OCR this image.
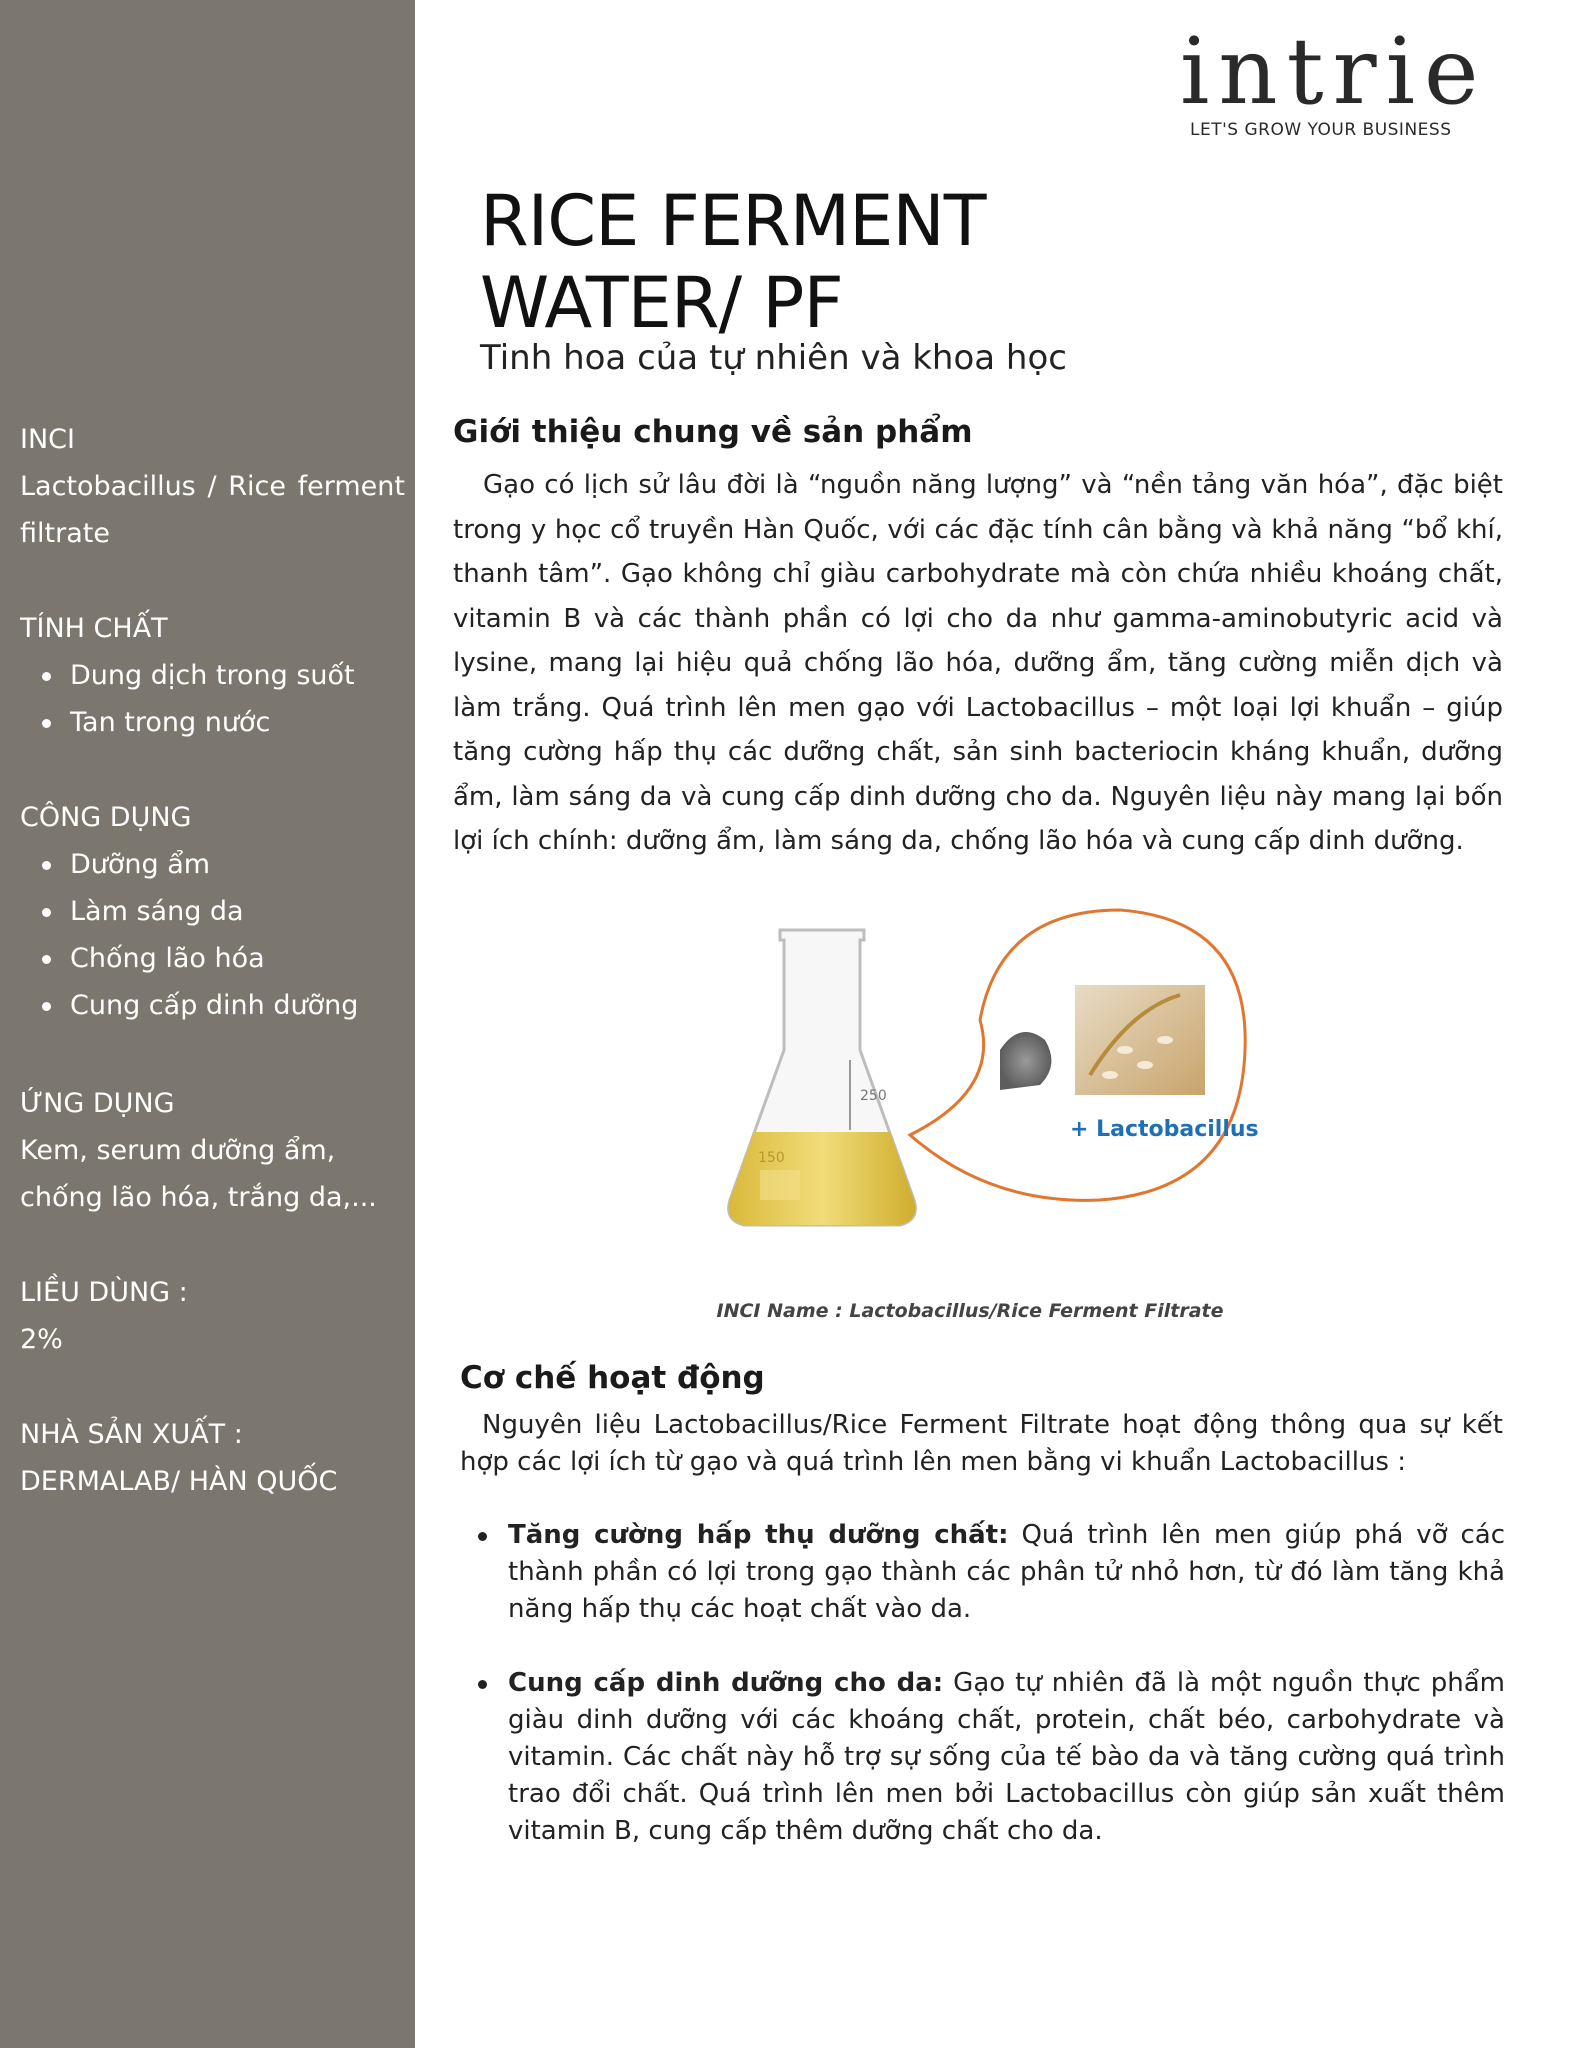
INCI
Lactobacillus / Rice ferment filtrate
TÍNH CHẤT
Dung dịch trong suốt
Tan trong nước
CÔNG DỤNG
Dưỡng ẩm
Làm sáng da
Chống lão hóa
Cung cấp dinh dưỡng
ỨNG DỤNG
Kem, serum dưỡng ẩm, chống lão hóa, trắng da,...
LIỀU DÙNG :
2%
NHÀ SẢN XUẤT :
DERMALAB/ HÀN QUỐC
intrie
LET'S GROW YOUR BUSINESS
RICE FERMENT
WATER/ PF
Tinh hoa của tự nhiên và khoa học
Giới thiệu chung về sản phẩm
Gạo có lịch sử lâu đời là “nguồn năng lượng” và “nền tảng văn hóa”, đặc biệt trong y học cổ truyền Hàn Quốc, với các đặc tính cân bằng và khả năng “bổ khí, thanh tâm”. Gạo không chỉ giàu carbohydrate mà còn chứa nhiều khoáng chất, vitamin B và các thành phần có lợi cho da như gamma-aminobutyric acid và lysine, mang lại hiệu quả chống lão hóa, dưỡng ẩm, tăng cường miễn dịch và làm trắng. Quá trình lên men gạo với Lactobacillus – một loại lợi khuẩn – giúp tăng cường hấp thụ các dưỡng chất, sản sinh bacteriocin kháng khuẩn, dưỡng ẩm, làm sáng da và cung cấp dinh dưỡng cho da. Nguyên liệu này mang lại bốn lợi ích chính: dưỡng ẩm, làm sáng da, chống lão hóa và cung cấp dinh dưỡng.
250
150
+ Lactobacillus
INCI Name : Lactobacillus/Rice Ferment Filtrate
Cơ chế hoạt động
Nguyên liệu Lactobacillus/Rice Ferment Filtrate hoạt động thông qua sự kết hợp các lợi ích từ gạo và quá trình lên men bằng vi khuẩn Lactobacillus :
Tăng cường hấp thụ dưỡng chất: Quá trình lên men giúp phá vỡ các thành phần có lợi trong gạo thành các phân tử nhỏ hơn, từ đó làm tăng khả năng hấp thụ các hoạt chất vào da.
Cung cấp dinh dưỡng cho da: Gạo tự nhiên đã là một nguồn thực phẩm giàu dinh dưỡng với các khoáng chất, protein, chất béo, carbohydrate và vitamin. Các chất này hỗ trợ sự sống của tế bào da và tăng cường quá trình trao đổi chất. Quá trình lên men bởi Lactobacillus còn giúp sản xuất thêm vitamin B, cung cấp thêm dưỡng chất cho da.
